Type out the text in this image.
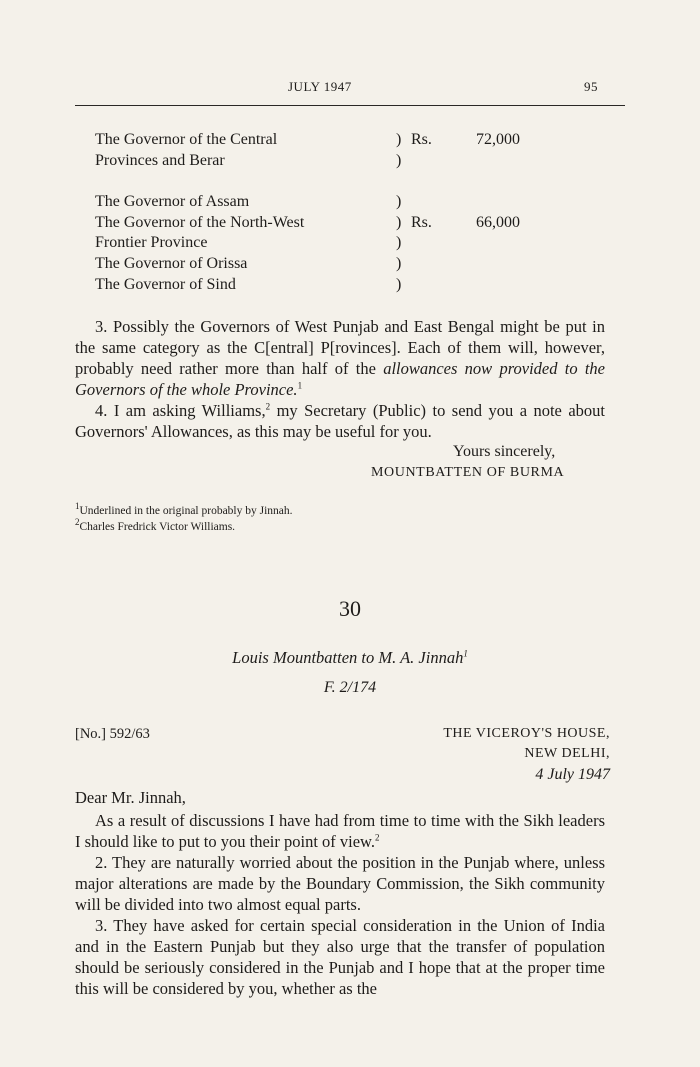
JULY 1947	95
The Governor of the Central	) Rs.	72,000
Provinces and Berar	)
The Governor of Assam	)
The Governor of the North-West	) Rs.	66,000
Frontier Province	)
The Governor of Orissa	)
The Governor of Sind	)

3. Possibly the Governors of West Punjab and East Bengal might be put in the same category as the C[entral] P[rovinces]. Each of them will, however, probably need rather more than half of the allowances now provided to the Governors of the whole Province.$^1$

4. I am asking Williams,$^2$ my Secretary (Public) to send you a note about Governors' Allowances, as this may be useful for you.

Yours sincerely,
MOUNTBATTEN OF BURMA
$^1$Underlined in the original probably by Jinnah.
$^2$Charles Fredrick Victor Williams.
30
Louis Mountbatten to M. A. Jinnah$^1$
F. 2/174
[No.] 592/63	THE VICEROY'S HOUSE,
NEW DELHI,
4 July 1947
Dear Mr. Jinnah,

As a result of discussions I have had from time to time with the Sikh leaders I should like to put to you their point of view.$^2$

2. They are naturally worried about the position in the Punjab where, unless major alterations are made by the Boundary Commission, the Sikh community will be divided into two almost equal parts.

3. They have asked for certain special consideration in the Union of India and in the Eastern Punjab but they also urge that the transfer of population should be seriously considered in the Punjab and I hope that at the proper time this will be considered by you, whether as the
